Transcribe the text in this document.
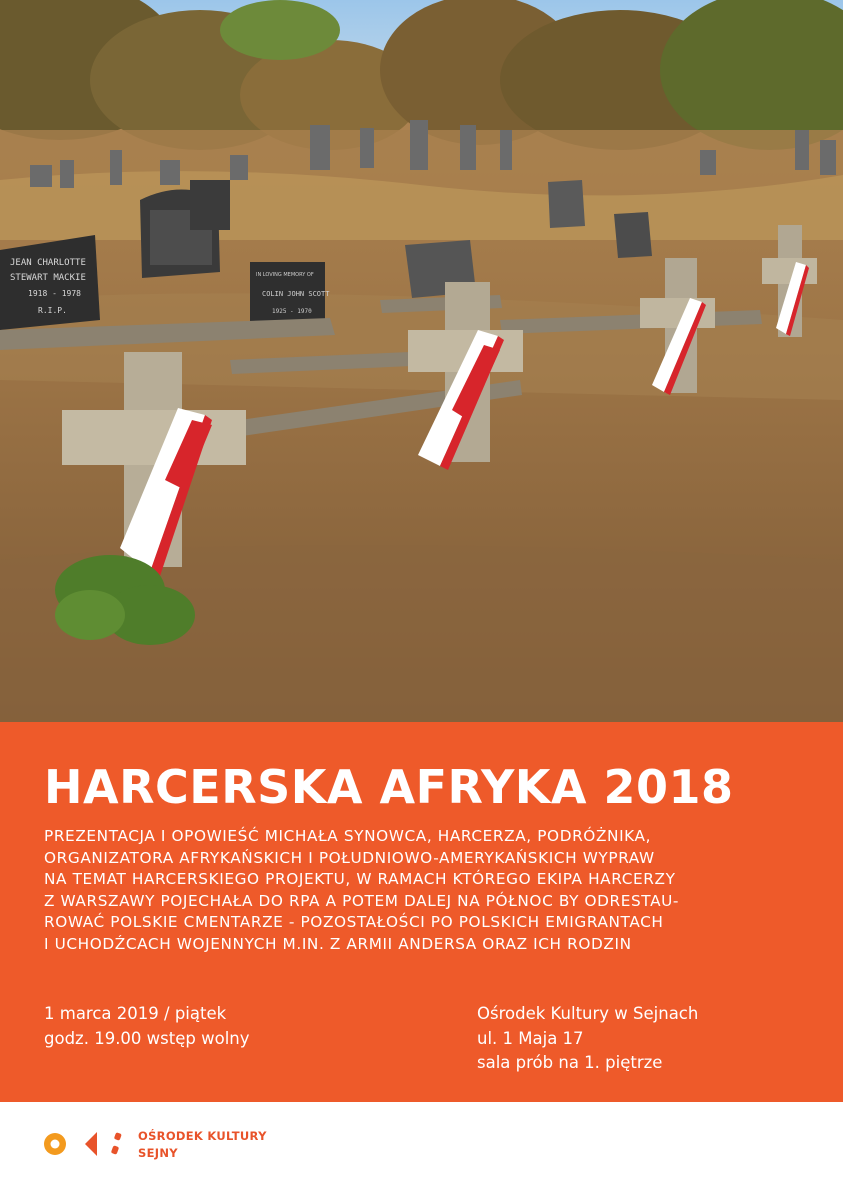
JEAN CHARLOTTE
STEWART MACKIE
1918 - 1978
R.I.P.
IN LOVING MEMORY OF
COLIN JOHN SCOTT
1925 - 1970
HARCERSKA AFRYKA 2018
PREZENTACJA I OPOWIEŚĆ MICHAŁA SYNOWCA, HARCERZA, PODRÓŻNIKA,
ORGANIZATORA AFRYKAŃSKICH I POŁUDNIOWO-AMERYKAŃSKICH WYPRAW
NA TEMAT HARCERSKIEGO PROJEKTU, W RAMACH KTÓREGO EKIPA HARCERZY
Z WARSZAWY POJECHAŁA DO RPA A POTEM DALEJ NA PÓŁNOC BY ODRESTAU-
ROWAĆ POLSKIE CMENTARZE - POZOSTAŁOŚCI PO POLSKICH EMIGRANTACH
I UCHODŹCACH WOJENNYCH M.IN. Z ARMII ANDERSA ORAZ ICH RODZIN
1 marca 2019 / piątek
godz. 19.00 wstęp wolny
Ośrodek Kultury w Sejnach
ul. 1 Maja 17
sala prób na 1. piętrze
OŚRODEK KULTURY
SEJNY
